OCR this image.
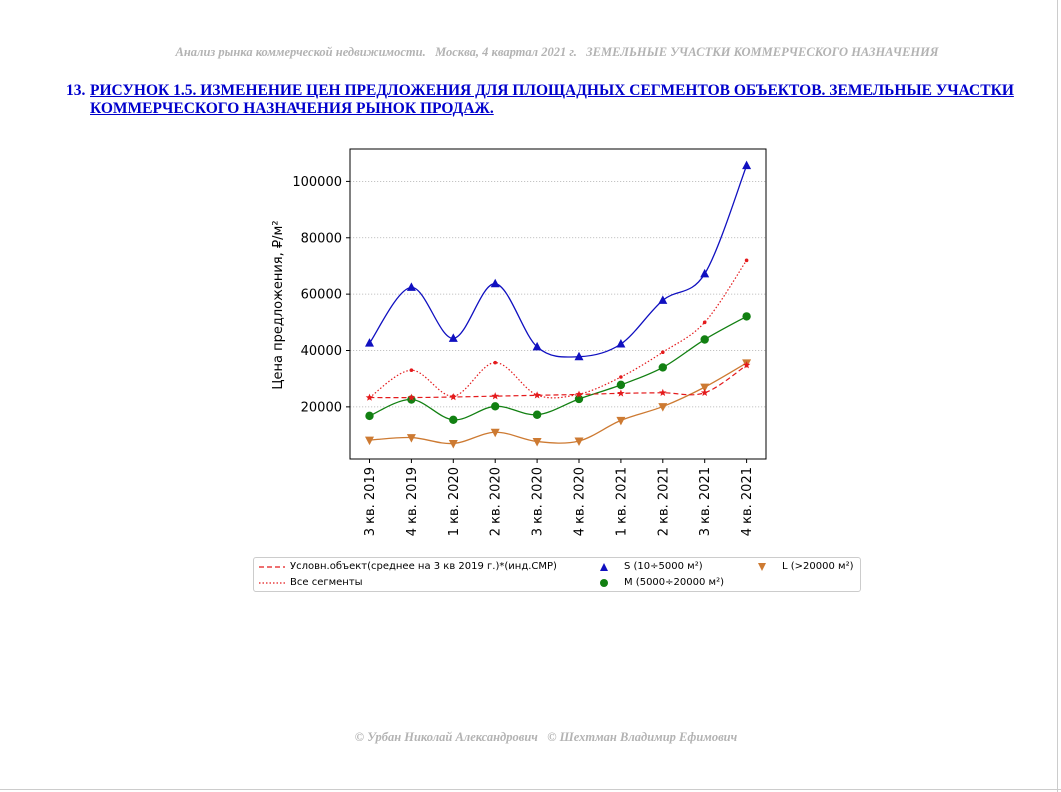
Анализ рынка коммерческой недвижимости.   Москва, 4 квартал 2021 г.   ЗЕМЕЛЬНЫЕ УЧАСТКИ КОММЕРЧЕСКОГО НАЗНАЧЕНИЯ
13. РИСУНОК 1.5. ИЗМЕНЕНИЕ ЦЕН ПРЕДЛОЖЕНИЯ ДЛЯ ПЛОЩАДНЫХ СЕГМЕНТОВ ОБЪЕКТОВ. ЗЕМЕЛЬНЫЕ УЧАСТКИ КОММЕРЧЕСКОГО НАЗНАЧЕНИЯ РЫНОК ПРОДАЖ.
20000
40000
60000
80000
100000
3 кв. 2019 4 кв. 2019 1 кв. 2020 2 кв. 2020 3 кв. 2020 4 кв. 2020 1 кв. 2021 2 кв. 2021 3 кв. 2021 4 кв. 2021
Цена предложения, ₽/м²
Условн.объект(среднее на 3 кв 2019 г.)*(инд.СМР)
Все сегменты
S (10÷5000 м²)
M (5000÷20000 м²)
L (>20000 м²)
© Урбан Николай Александрович   © Шехтман Владимир Ефимович
